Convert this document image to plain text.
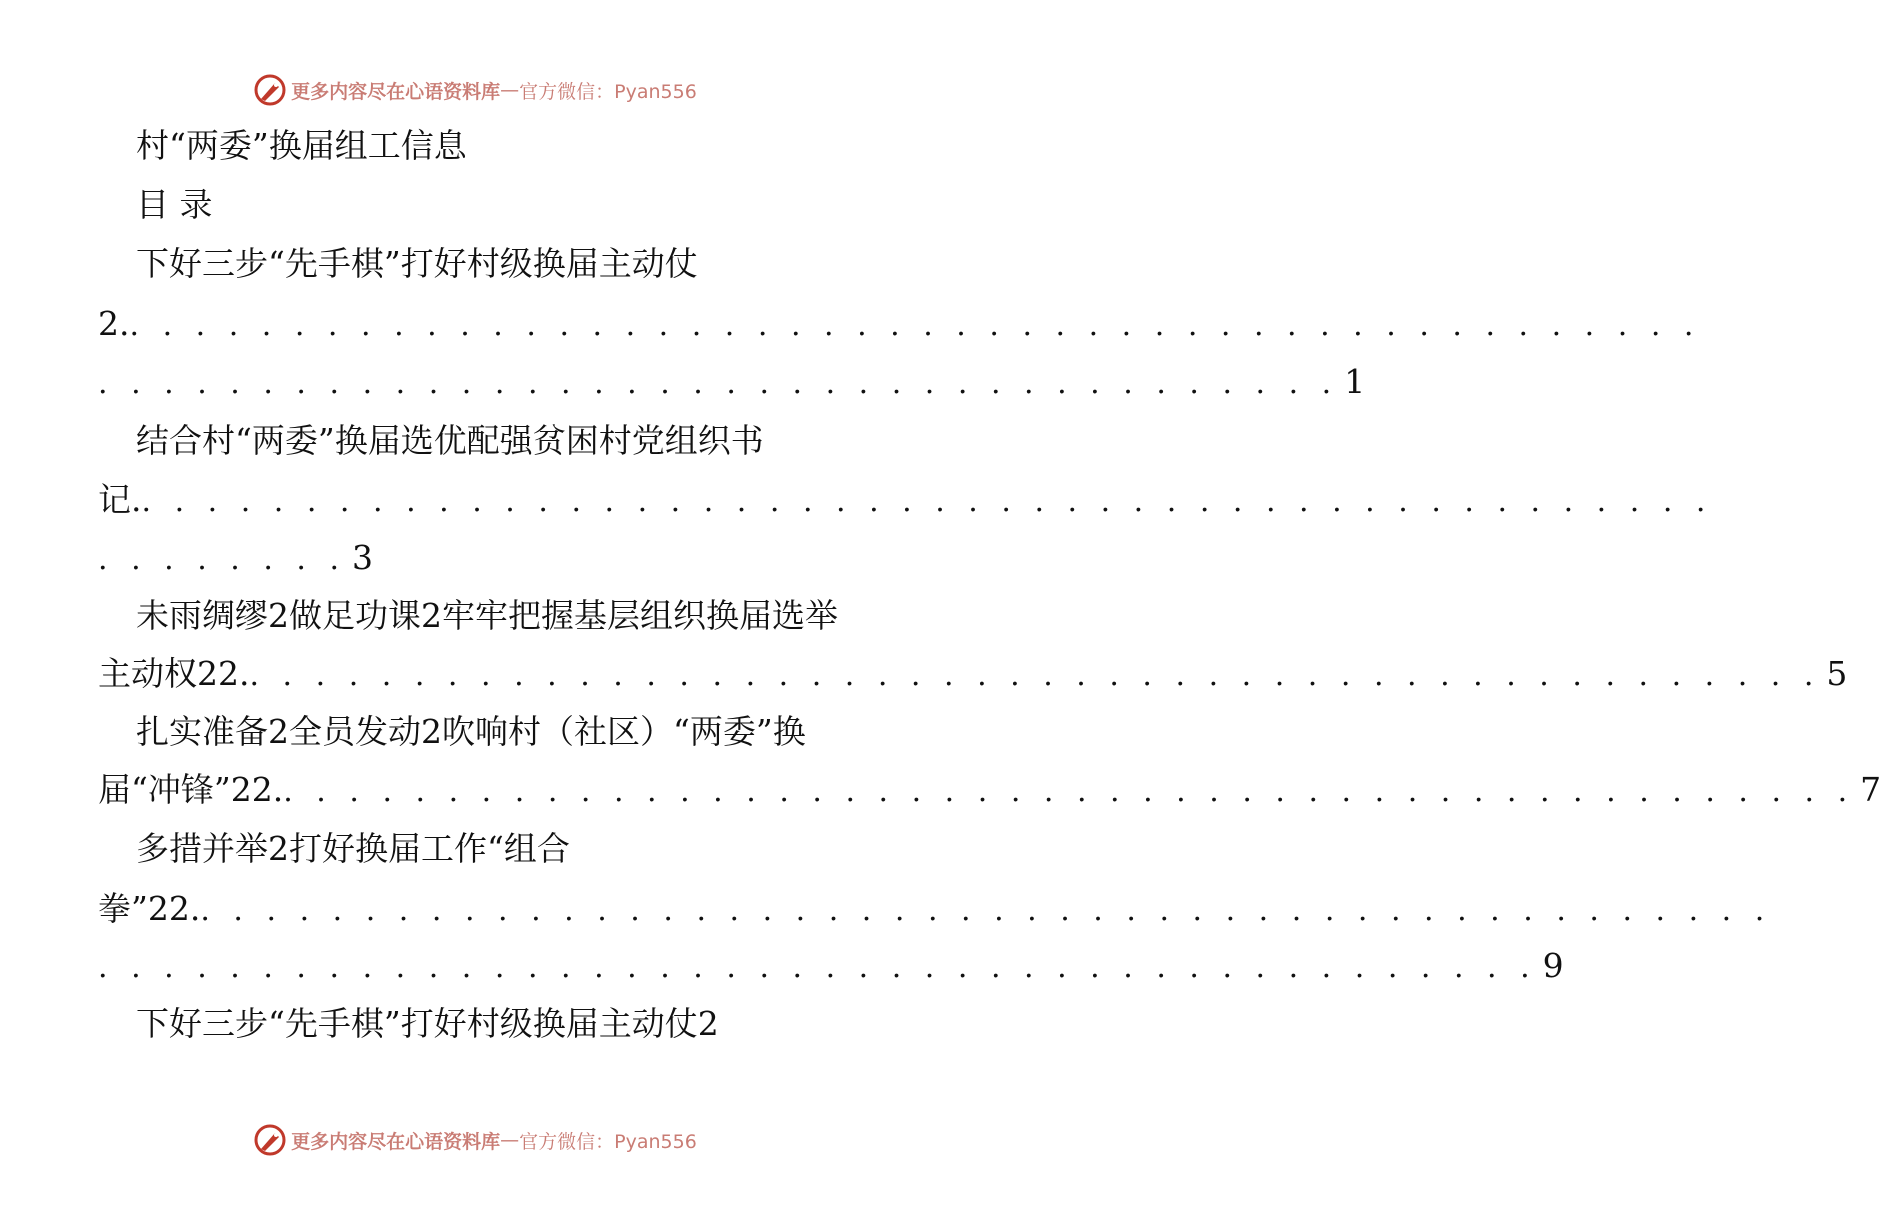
更多内容尽在心语资料库 — 官方微信：Pyan556
村“两委”换届组工信息
目 录
下好三步“先手棋”打好村级换届主动仗
2. . . . . . . . . . . . . . . . . . . . . . . . . . . . . . . . . . . . . . . . . . . . . . . . .
. . . . . . . . . . . . . . . . . . . . . . . . . . . . . . . . . . . . . . 1
结合村“两委”换届选优配强贫困村党组织书
记. . . . . . . . . . . . . . . . . . . . . . . . . . . . . . . . . . . . . . . . . . . . . . . . .
. . . . . . . . 3
未雨绸缪2做足功课2牢牢把握基层组织换届选举
主动权22. . . . . . . . . . . . . . . . . . . . . . . . . . . . . . . . . . . . . . . . . . . . . . . . . 5
扎实准备2全员发动2吹响村（社区）“两委”换
届“冲锋”22. . . . . . . . . . . . . . . . . . . . . . . . . . . . . . . . . . . . . . . . . . . . . . . . . 7
多措并举2打好换届工作“组合
拳”22. . . . . . . . . . . . . . . . . . . . . . . . . . . . . . . . . . . . . . . . . . . . . . . . .
. . . . . . . . . . . . . . . . . . . . . . . . . . . . . . . . . . . . . . . . . . . . 9
下好三步“先手棋”打好村级换届主动仗2
更多内容尽在心语资料库 — 官方微信：Pyan556
